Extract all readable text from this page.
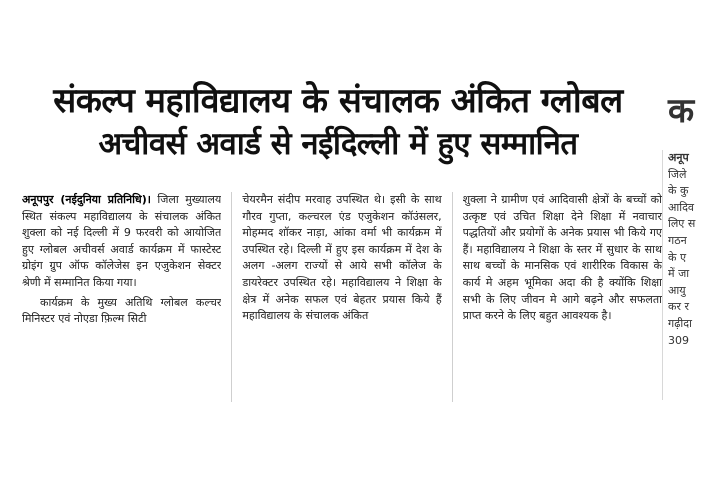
संकल्प महाविद्यालय के संचालक अंकित ग्लोबल
अचीवर्स अवार्ड से नईदिल्ली में हुए सम्मानित
क

अनूपपुर (नईदुनिया प्रतिनिधि)। जिला मुख्यालय स्थित संकल्प महाविद्यालय के संचालक अंकित शुक्ला को नई दिल्ली में 9 फरवरी को आयोजित हुए ग्लोबल अचीवर्स अवार्ड कार्यक्रम में फास्टेस्ट ग्रोइंग ग्रुप ऑफ कॉलेजेस इन एजुकेशन सेक्टर श्रेणी में सम्मानित किया गया।

कार्यक्रम के मुख्य अतिथि ग्लोबल कल्चर मिनिस्टर एवं नोएडा फ़िल्म सिटी

चेयरमैन संदीप मरवाह उपस्थित थे। इसी के साथ गौरव गुप्ता, कल्चरल एंड एजुकेशन कॉउंसलर, मोहम्मद शॉकर नाड़ा, आंका वर्मा भी कार्यक्रम में उपस्थित रहे। दिल्ली में हुए इस कार्यक्रम में देश के अलग -अलग राज्यों से आये सभी कॉलेज के डायरेक्टर उपस्थित रहे। महाविद्यालय ने शिक्षा के क्षेत्र में अनेक सफल एवं बेहतर प्रयास किये हैं महाविद्यालय के संचालक अंकित

शुक्ला ने ग्रामीण एवं आदिवासी क्षेत्रों के बच्चों को उत्कृष्ट एवं उचित शिक्षा देने शिक्षा में नवाचार पद्धतियों और प्रयोगों के अनेक प्रयास भी किये गए हैं। महाविद्यालय ने शिक्षा के स्तर में सुधार के साथ साथ बच्चों के मानसिक एवं शारीरिक विकास के कार्य मे अहम भूमिका अदा की है क्योंकि शिक्षा सभी के लिए जीवन मे आगे बढ़ने और सफलता प्राप्त करने के लिए बहुत आवश्यक है।

अनूप
जिले
के कु
आदिव
लिए स
गठन
के ए
में जा
आयु
कर र
गढ़ीदा
309
